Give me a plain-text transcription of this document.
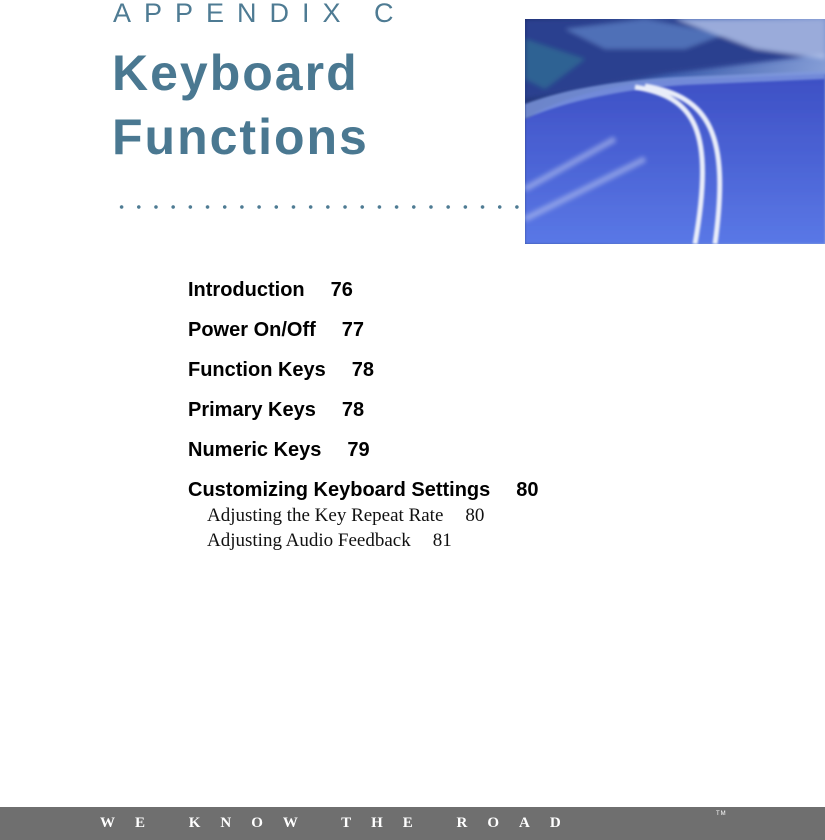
APPENDIX C
Keyboard
Functions
Introduction 76
Power On/Off 77
Function Keys 78
Primary Keys 78
Numeric Keys 79
Customizing Keyboard Settings 80
Adjusting the Key Repeat Rate 80
Adjusting Audio Feedback 81
WE KNOW THE ROAD
TM
